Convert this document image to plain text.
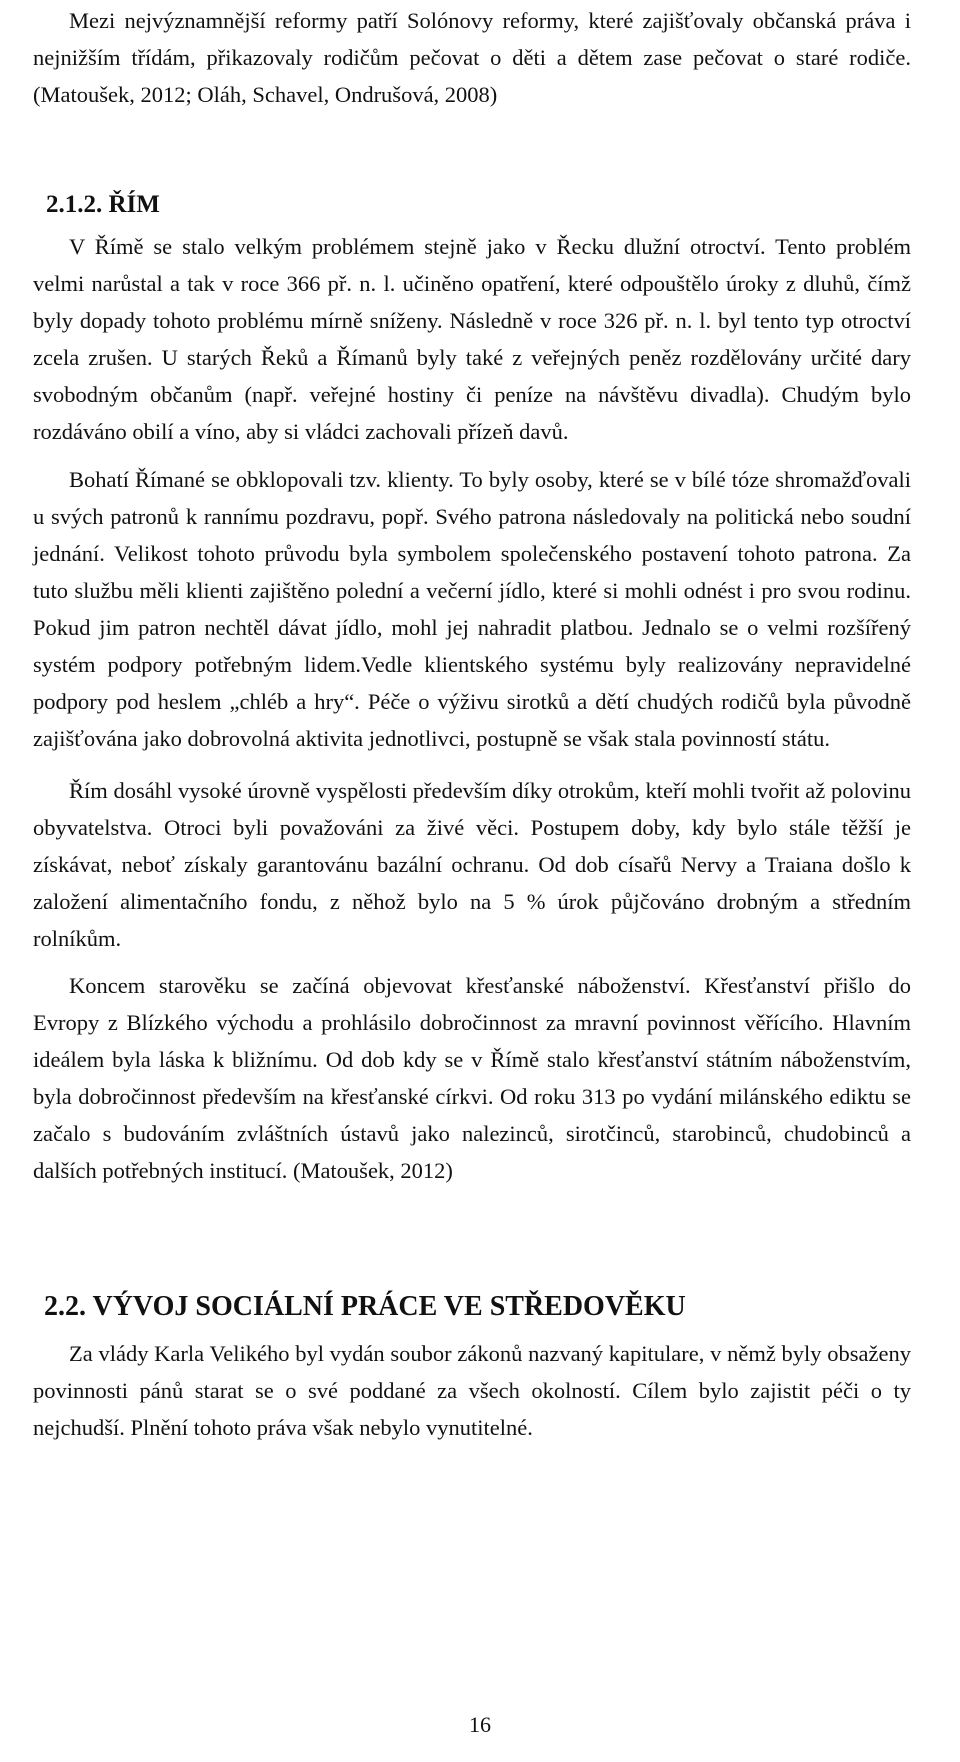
Mezi nejvýznamnější reformy patří Solónovy reformy, které zajišťovaly občanská práva i nejnižším třídám, přikazovaly rodičům pečovat o děti a dětem zase pečovat o staré rodiče. (Matoušek, 2012; Oláh, Schavel, Ondrušová, 2008)

2.1.2. ŘÍM

V Římě se stalo velkým problémem stejně jako v Řecku dlužní otroctví. Tento problém velmi narůstal a tak v roce 366 př. n. l. učiněno opatření, které odpouštělo úroky z dluhů, čímž byly dopady tohoto problému mírně sníženy. Následně v roce 326 př. n. l. byl tento typ otroctví zcela zrušen. U starých Řeků a Římanů byly také z veřejných peněz rozdělovány určité dary svobodným občanům (např. veřejné hostiny či peníze na návštěvu divadla). Chudým bylo rozdáváno obilí a víno, aby si vládci zachovali přízeň davů.

Bohatí Římané se obklopovali tzv. klienty. To byly osoby, které se v bílé tóze shromažďovali u svých patronů k rannímu pozdravu, popř. Svého patrona následovaly na politická nebo soudní jednání. Velikost tohoto průvodu byla symbolem společenského postavení tohoto patrona. Za tuto službu měli klienti zajištěno polední a večerní jídlo, které si mohli odnést i pro svou rodinu. Pokud jim patron nechtěl dávat jídlo, mohl jej nahradit platbou. Jednalo se o velmi rozšířený systém podpory potřebným lidem.Vedle klientského systému byly realizovány nepravidelné podpory pod heslem „chléb a hry“. Péče o výživu sirotků a dětí chudých rodičů byla původně zajišťována jako dobrovolná aktivita jednotlivci, postupně se však stala povinností státu.

Řím dosáhl vysoké úrovně vyspělosti především díky otrokům, kteří mohli tvořit až polovinu obyvatelstva. Otroci byli považováni za živé věci. Postupem doby, kdy bylo stále těžší je získávat, neboť získaly garantovánu bazální ochranu. Od dob císařů Nervy a Traiana došlo k založení alimentačního fondu, z něhož bylo na 5 % úrok půjčováno drobným a středním rolníkům.

Koncem starověku se začíná objevovat křesťanské náboženství. Křesťanství přišlo do Evropy z Blízkého východu a prohlásilo dobročinnost za mravní povinnost věřícího. Hlavním ideálem byla láska k bližnímu. Od dob kdy se v Římě stalo křesťanství státním náboženstvím, byla dobročinnost především na křesťanské církvi. Od roku 313 po vydání milánského ediktu se začalo s budováním zvláštních ústavů jako nalezinců, sirotčinců, starobinců, chudobinců a dalších potřebných institucí. (Matoušek, 2012)

2.2. VÝVOJ SOCIÁLNÍ PRÁCE VE STŘEDOVĚKU

Za vlády Karla Velikého byl vydán soubor zákonů nazvaný kapitulare, v němž byly obsaženy povinnosti pánů starat se o své poddané za všech okolností. Cílem bylo zajistit péči o ty nejchudší. Plnění tohoto práva však nebylo vynutitelné.

16
